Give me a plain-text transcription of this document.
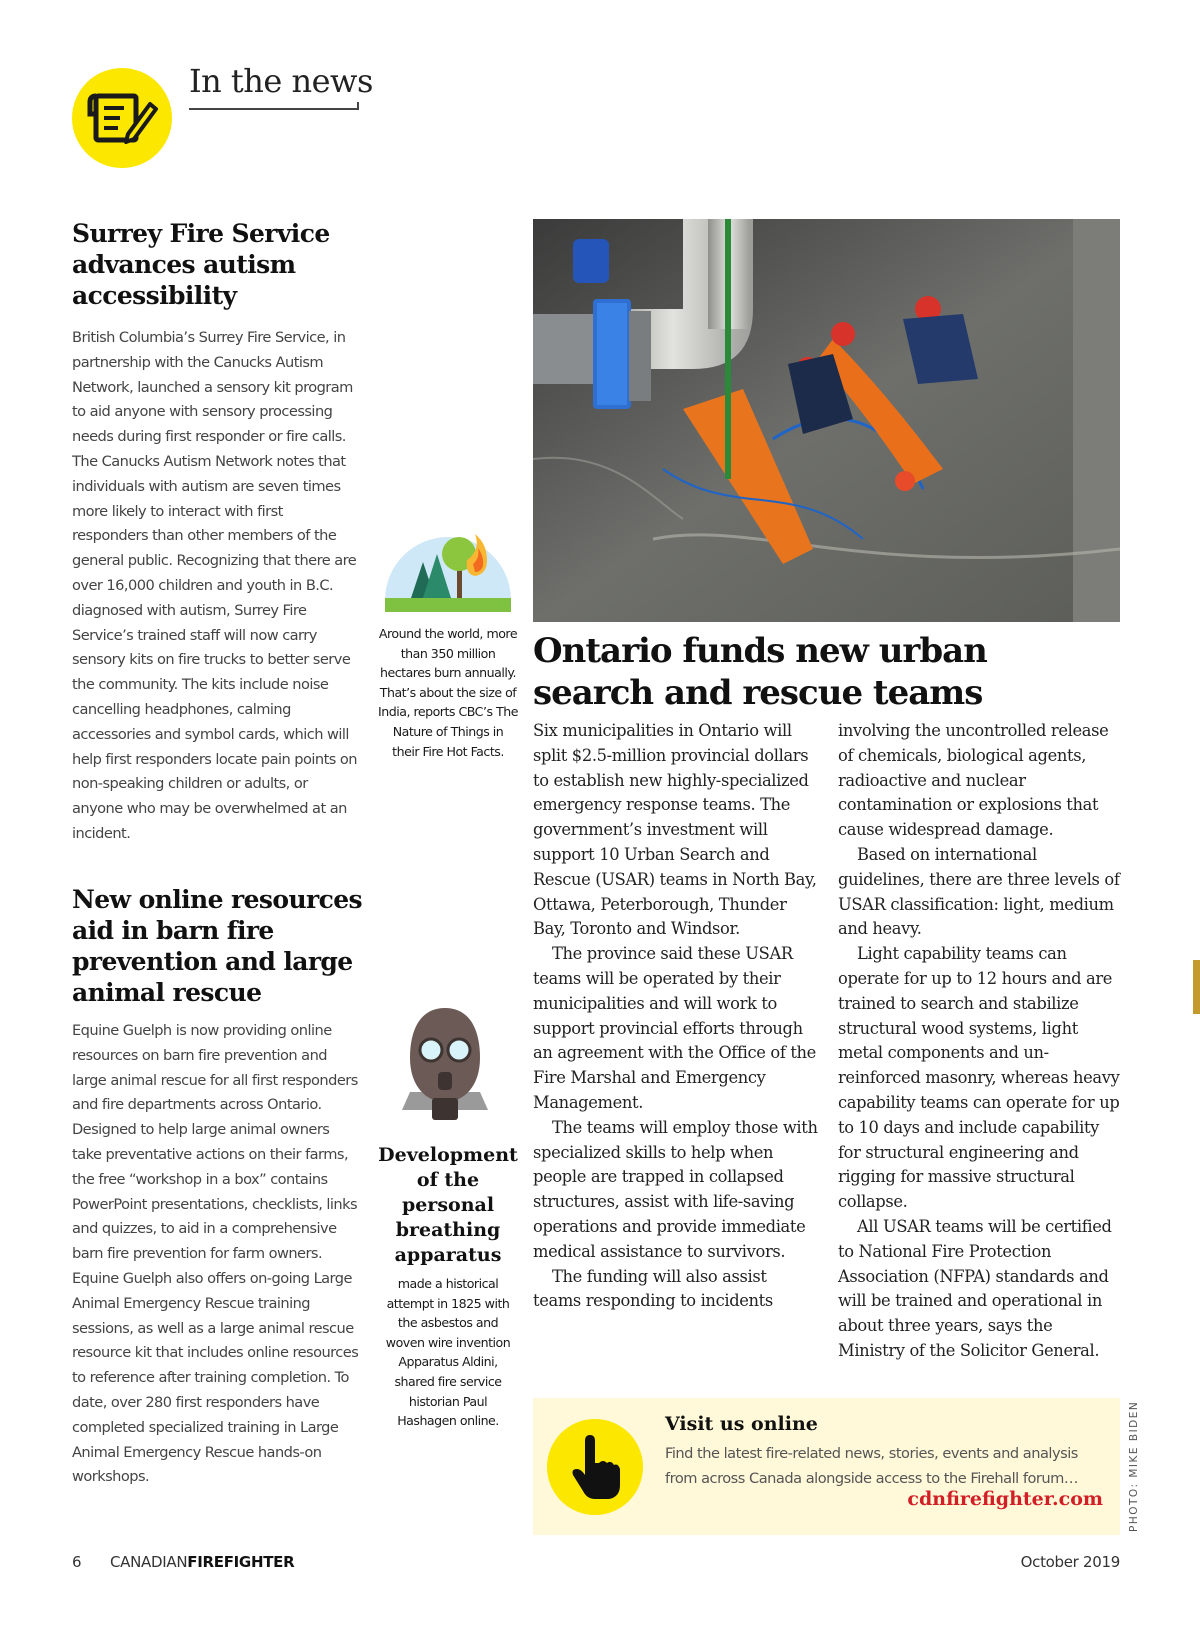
In the news
Surrey Fire Service advances autism accessibility

British Columbia’s Surrey Fire Service, in partnership with the Canucks Autism Network, launched a sensory kit program to aid anyone with sensory processing needs during first responder or fire calls.

The Canucks Autism Network notes that individuals with autism are seven times more likely to interact with first responders than other members of the general public. Recognizing that there are over 16,000 children and youth in B.C. diagnosed with autism, Surrey Fire Service’s trained staff will now carry sensory kits on fire trucks to better serve the community. The kits include noise cancelling headphones, calming accessories and symbol cards, which will help first responders locate pain points on non-speaking children or adults, or anyone who may be overwhelmed at an incident.

New online resources aid in barn fire prevention and large animal rescue

Equine Guelph is now providing online resources on barn fire prevention and large animal rescue for all first responders and fire departments across Ontario.

Designed to help large animal owners take preventative actions on their farms, the free “workshop in a box” contains PowerPoint presentations, checklists, links and quizzes, to aid in a comprehensive barn fire prevention for farm owners.

Equine Guelph also offers on-going Large Animal Emergency Rescue training sessions, as well as a large animal rescue resource kit that includes online resources to reference after training completion. To date, over 280 first responders have completed specialized training in Large Animal Emergency Rescue hands-on workshops.

Around the world, more than 350 million hectares burn annually. That’s about the size of India, reports CBC’s The Nature of Things in their Fire Hot Facts.

Development of the personal breathing apparatus

made a historical attempt in 1825 with the asbestos and woven wire invention Apparatus Aldini, shared fire service historian Paul Hashagen online.	PHOTO: MIKE BIDEN
Ontario funds new urban search and rescue teams
Six municipalities in Ontario will split $2.5-million provincial dollars to establish new highly-specialized emergency response teams. The government’s investment will support 10 Urban Search and Rescue (USAR) teams in North Bay, Ottawa, Peterborough, Thunder Bay, Toronto and Windsor.
The province said these USAR teams will be operated by their municipalities and will work to support provincial efforts through an agreement with the Office of the Fire Marshal and Emergency Management.
The teams will employ those with specialized skills to help when people are trapped in collapsed structures, assist with life-saving operations and provide immediate medical assistance to survivors.
The funding will also assist teams responding to incidents
involving the uncontrolled release of chemicals, biological agents, radioactive and nuclear contamination or explosions that cause widespread damage.
Based on international guidelines, there are three levels of USAR classification: light, medium and heavy.
Light capability teams can operate for up to 12 hours and are trained to search and stabilize structural wood systems, light metal components and un-reinforced masonry, whereas heavy capability teams can operate for up to 10 days and include capability for structural engineering and rigging for massive structural collapse.
All USAR teams will be certified to National Fire Protection Association (NFPA) standards and will be trained and operational in about three years, says the Ministry of the Solicitor General.
Visit us online

Find the latest fire-related news, stories, events and analysis from across Canada alongside access to the Firehall forum…

cdnfirefighter.com
6 CANADIANFIREFIGHTER	October 2019
